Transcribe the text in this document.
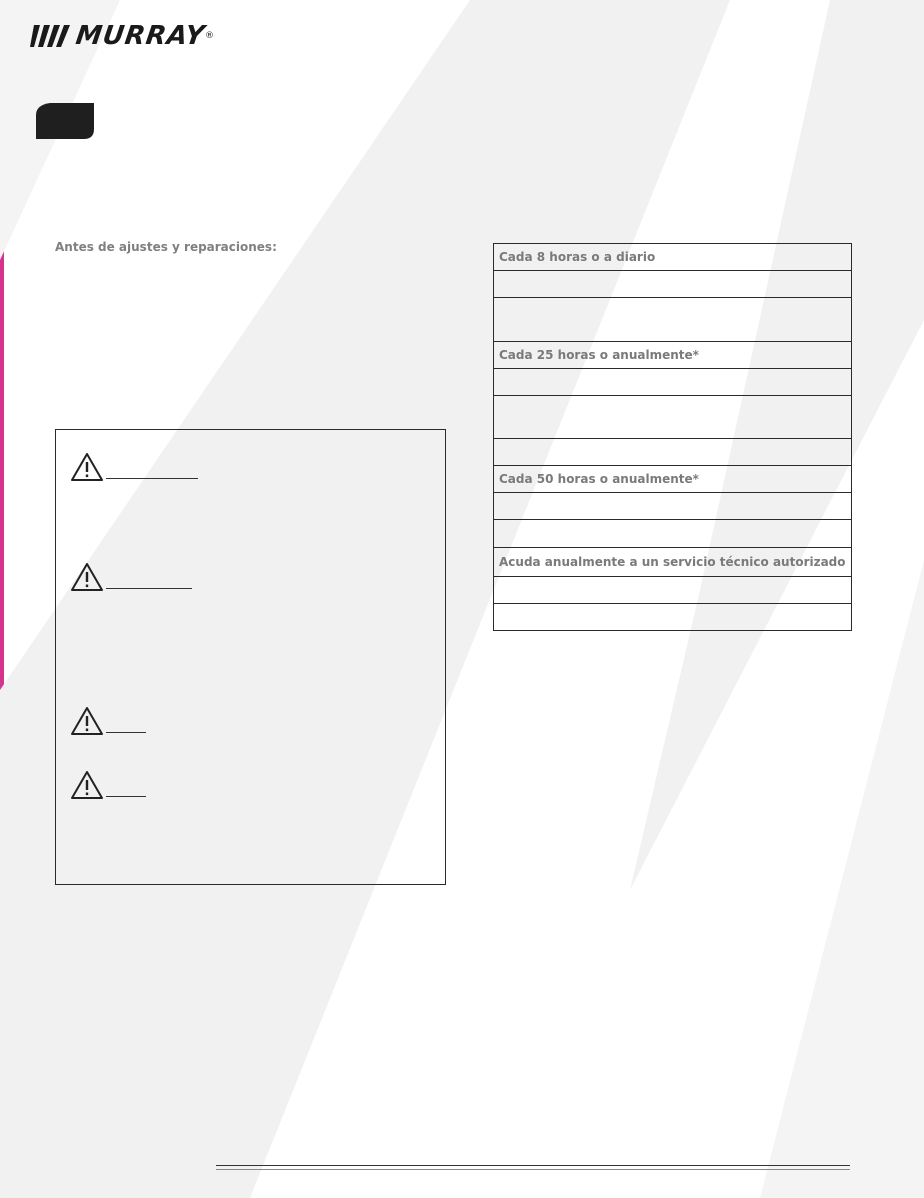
MURRAY
®

Antes de ajustes y reparaciones:

Cada 8 horas o a diario

Cada 25 horas o anualmente*

Cada 50 horas o anualmente*

Acuda anualmente a un servicio técnico autorizado
